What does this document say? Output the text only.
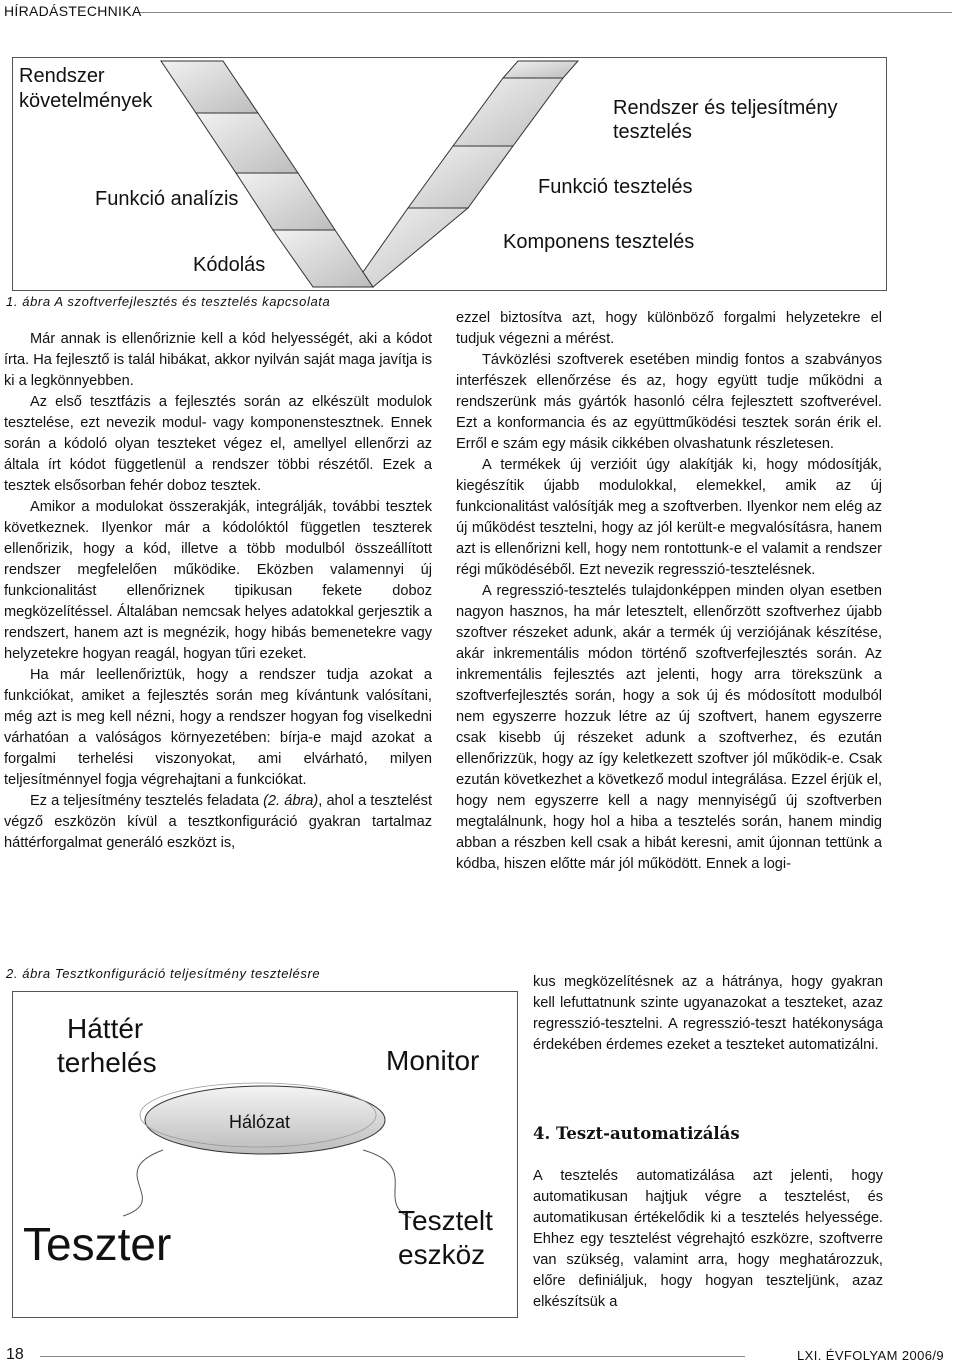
HÍRADÁSTECHNIKA
Rendszer
követelmények
Funkció analízis
Kódolás
Rendszer és teljesítmény
tesztelés
Funkció tesztelés
Komponens tesztelés
1. ábra A szoftverfejlesztés és tesztelés kapcsolata

Már annak is ellenőriznie kell a kód helyességét, aki a kódot írta. Ha fejlesztő is talál hibákat, akkor nyilván saját maga javítja is ki a legkönnyebben.

Az első tesztfázis a fejlesztés során az elkészült modulok tesztelése, ezt nevezik modul- vagy komponenstesztnek. Ennek során a kódoló olyan teszteket végez el, amellyel ellenőrzi az általa írt kódot függetlenül a rendszer többi részétől. Ezek a tesztek elsősorban fehér doboz tesztek.

Amikor a modulokat összerakják, integrálják, további tesztek következnek. Ilyenkor már a kódolóktól független teszterek ellenőrizik, hogy a kód, illetve a több modulból összeállított rendszer megfelelően működike. Eközben valamennyi új funkcionalitást ellenőriznek tipikusan fekete doboz megközelítéssel. Általában nemcsak helyes adatokkal gerjesztik a rendszert, hanem azt is megnézik, hogy hibás bemenetekre vagy helyzetekre hogyan reagál, hogyan tűri ezeket.

Ha már leellenőriztük, hogy a rendszer tudja azokat a funkciókat, amiket a fejlesztés során meg kívántunk valósítani, még azt is meg kell nézni, hogy a rendszer hogyan fog viselkedni várhatóan a valóságos környezetében: bírja-e majd azokat a forgalmi terhelési viszonyokat, ami elvárható, milyen teljesítménnyel fogja végrehajtani a funkciókat.

Ez a teljesítmény tesztelés feladata (2. ábra), ahol a tesztelést végző eszközön kívül a tesztkonfiguráció gyakran tartalmaz háttérforgalmat generáló eszközt is,

2. ábra Tesztkonfiguráció teljesítmény tesztelésre
Háttér
terhelés	Monitor
Hálózat
Teszter	Tesztelt
eszköz

ezzel biztosítva azt, hogy különböző forgalmi helyzetekre el tudjuk végezni a mérést.

Távközlési szoftverek esetében mindig fontos a szabványos interfészek ellenőrzése és az, hogy együtt tudje működni a rendszerünk más gyártók hasonló célra fejlesztett szoftverével. Ezt a konformancia és az együttműködési tesztek során érik el. Erről e szám egy másik cikkében olvashatunk részletesen.

A termékek új verzióit úgy alakítják ki, hogy módosítják, kiegészítik újabb modulokkal, elemekkel, amik az új funkcionalitást valósítják meg a szoftverben. Ilyenkor nem elég az új működést tesztelni, hogy az jól került-e megvalósításra, hanem azt is ellenőrizni kell, hogy nem rontottunk-e el valamit a rendszer régi működéséből. Ezt nevezik regresszió-tesztelésnek.

A regresszió-tesztelés tulajdonképpen minden olyan esetben nagyon hasznos, ha már letesztelt, ellenőrzött szoftverhez újabb szoftver részeket adunk, akár a termék új verziójának készítése, akár inkrementális módon történő szoftverfejlesztés során. Az inkrementális fejlesztés azt jelenti, hogy arra törekszünk a szoftverfejlesztés során, hogy a sok új és módosított modulból nem egyszerre hozzuk létre az új szoftvert, hanem egyszerre csak kisebb új részeket adunk a szoftverhez, és ezután ellenőrizzük, hogy az így keletkezett szoftver jól működik-e. Csak ezután következhet a következő modul integrálása. Ezzel érjük el, hogy nem egyszerre kell a nagy mennyiségű új szoftverben megtalálnunk, hogy hol a hiba a tesztelés során, hanem mindig abban a részben kell csak a hibát keresni, amit újonnan tettünk a kódba, hiszen előtte már jól működött. Ennek a logi-

kus megközelítésnek az a hátránya, hogy gyakran kell lefuttatnunk szinte ugyanazokat a teszteket, azaz regresszió-tesztelni. A regresszió-teszt hatékonysága érdekében érdemes ezeket a teszteket automatizálni.

4. Teszt-automatizálás

A tesztelés automatizálása azt jelenti, hogy automatikusan hajtjuk végre a tesztelést, és automatikusan értékelődik ki a tesztelés helyessége. Ehhez egy tesztelést végrehajtó eszközre, szoftverre van szükség, valamint arra, hogy meghatározzuk, előre definiáljuk, hogy hogyan teszteljünk, azaz elkészítsük a

18	LXI. ÉVFOLYAM 2006/9
